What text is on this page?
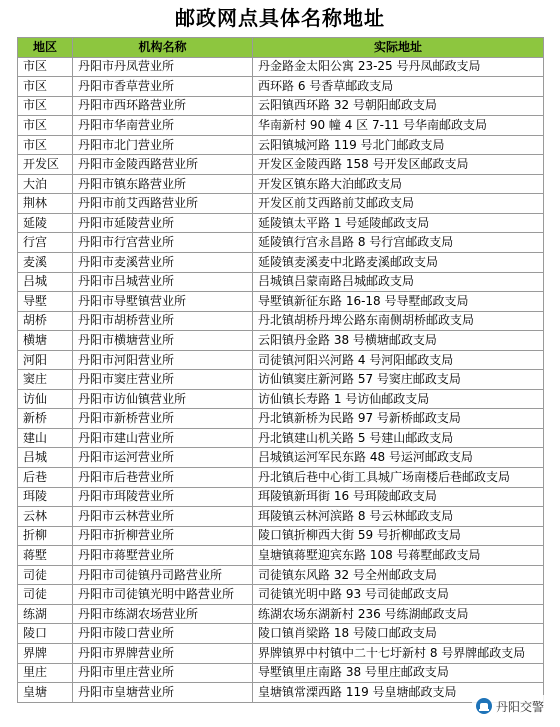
邮政网点具体名称地址
地区	机构名称	实际地址
市区	丹阳市丹凤营业所	丹金路金太阳公寓 23-25 号丹凤邮政支局
市区	丹阳市香草营业所	西环路 6 号香草邮政支局
市区	丹阳市西环路营业所	云阳镇西环路 32 号朝阳邮政支局
市区	丹阳市华南营业所	华南新村 90 幢 4 区 7-11 号华南邮政支局
市区	丹阳市北门营业所	云阳镇城河路 119 号北门邮政支局
开发区	丹阳市金陵西路营业所	开发区金陵西路 158 号开发区邮政支局
大泊	丹阳市镇东路营业所	开发区镇东路大泊邮政支局
荆林	丹阳市前艾西路营业所	开发区前艾西路前艾邮政支局
延陵	丹阳市延陵营业所	延陵镇太平路 1 号延陵邮政支局
行宫	丹阳市行宫营业所	延陵镇行宫永昌路 8 号行宫邮政支局
麦溪	丹阳市麦溪营业所	延陵镇麦溪麦中北路麦溪邮政支局
吕城	丹阳市吕城营业所	吕城镇吕蒙南路吕城邮政支局
导墅	丹阳市导墅镇营业所	导墅镇新征东路 16-18 号导墅邮政支局
胡桥	丹阳市胡桥营业所	丹北镇胡桥丹埤公路东南侧胡桥邮政支局
横塘	丹阳市横塘营业所	云阳镇丹金路 38 号横塘邮政支局
河阳	丹阳市河阳营业所	司徒镇河阳兴河路 4 号河阳邮政支局
窦庄	丹阳市窦庄营业所	访仙镇窦庄新河路 57 号窦庄邮政支局
访仙	丹阳市访仙镇营业所	访仙镇长寿路 1 号访仙邮政支局
新桥	丹阳市新桥营业所	丹北镇新桥为民路 97 号新桥邮政支局
建山	丹阳市建山营业所	丹北镇建山机关路 5 号建山邮政支局
吕城	丹阳市运河营业所	吕城镇运河军民东路 48 号运河邮政支局
后巷	丹阳市后巷营业所	丹北镇后巷中心街工具城广场南楼后巷邮政支局
珥陵	丹阳市珥陵营业所	珥陵镇新珥街 16 号珥陵邮政支局
云林	丹阳市云林营业所	珥陵镇云林河滨路 8 号云林邮政支局
折柳	丹阳市折柳营业所	陵口镇折柳西大街 59 号折柳邮政支局
蒋墅	丹阳市蒋墅营业所	皇塘镇蒋墅迎宾东路 108 号蒋墅邮政支局
司徒	丹阳市司徒镇丹司路营业所	司徒镇东风路 32 号全州邮政支局
司徒	丹阳市司徒镇光明中路营业所	司徒镇光明中路 93 号司徒邮政支局
练湖	丹阳市练湖农场营业所	练湖农场东湖新村 236 号练湖邮政支局
陵口	丹阳市陵口营业所	陵口镇肖梁路 18 号陵口邮政支局
界牌	丹阳市界牌营业所	界牌镇界中村镇中二十七圩新村 8 号界牌邮政支局
里庄	丹阳市里庄营业所	导墅镇里庄南路 38 号里庄邮政支局
皇塘	丹阳市皇塘营业所	皇塘镇常溧西路 119 号皇塘邮政支局
丹阳交警
